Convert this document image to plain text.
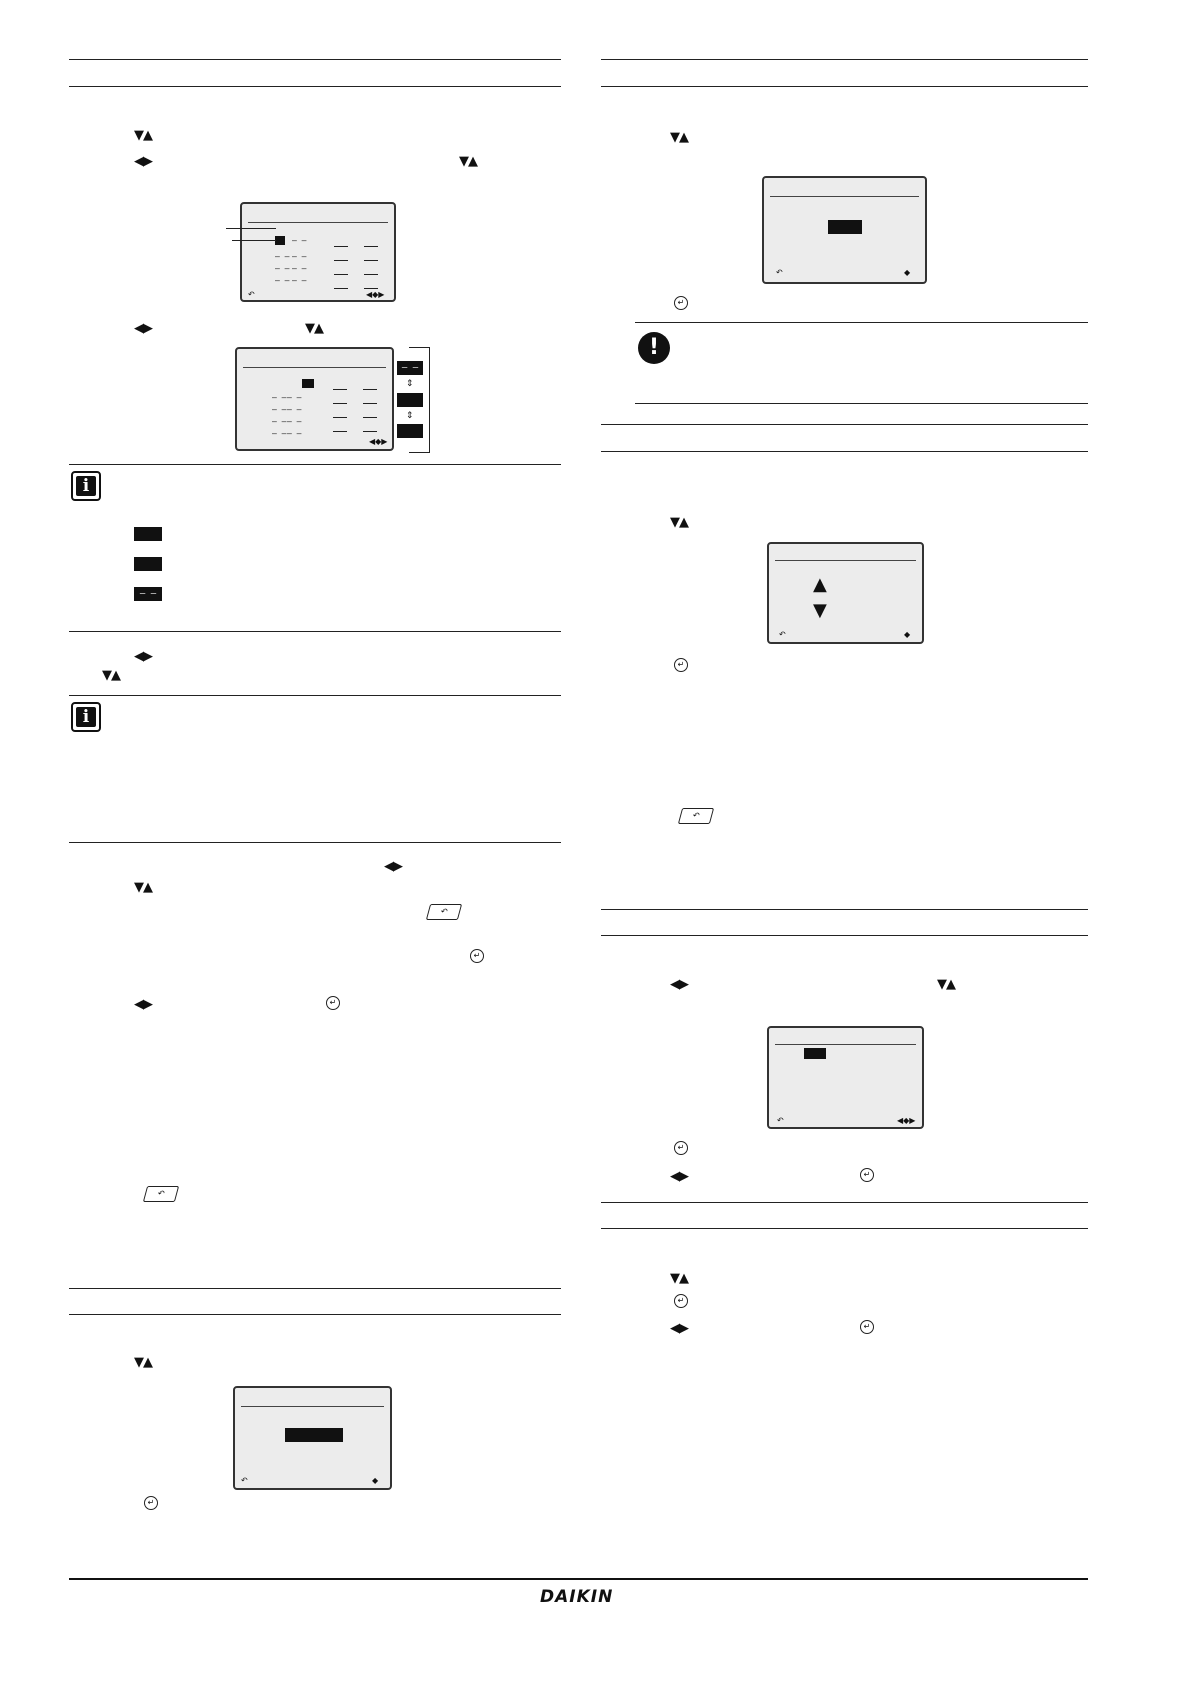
▼▲
◀▶	▼▲
– –
– – – –
– – – –
– – – –
↶	◀◆▶
◀▶	▼▲
– – – –
– – – –
– – – –
– – – –
◀◆▶
– –
⇕
⇕
i
– –
◀▶
▼▲
i
◀▶
▼▲
↶
↵
◀▶	↵
↶
▼▲
↶	◆
↵
▼▲
↶	◆
↵
!
▼▲
▲
▼
↶	◆
↵
↶
◀▶	▼▲
↶	◀◆▶
↵
◀▶	↵
▼▲
↵
◀▶	↵
DAIKIN
